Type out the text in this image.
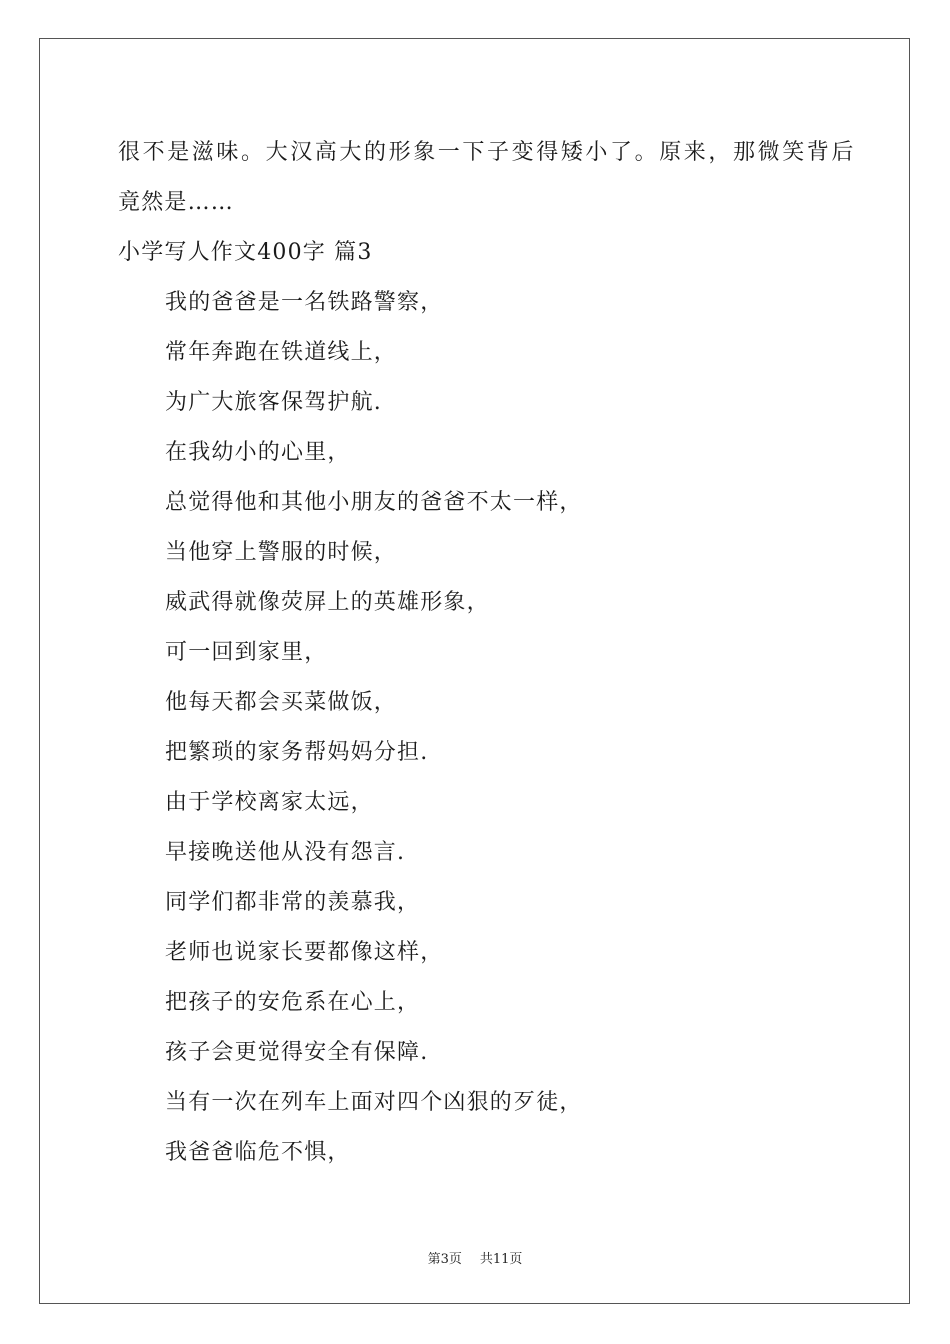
很不是滋味。大汉高大的形象一下子变得矮小了。原来，那微笑背后
竟然是……
小学写人作文400字 篇3
我的爸爸是一名铁路警察，
常年奔跑在铁道线上，
为广大旅客保驾护航.
在我幼小的心里，
总觉得他和其他小朋友的爸爸不太一样，
当他穿上警服的时候，
威武得就像荧屏上的英雄形象，
可一回到家里，
他每天都会买菜做饭，
把繁琐的家务帮妈妈分担.
由于学校离家太远，
早接晚送他从没有怨言.
同学们都非常的羡慕我，
老师也说家长要都像这样，
把孩子的安危系在心上，
孩子会更觉得安全有保障.
当有一次在列车上面对四个凶狠的歹徒，
我爸爸临危不惧，
第3页 共11页
